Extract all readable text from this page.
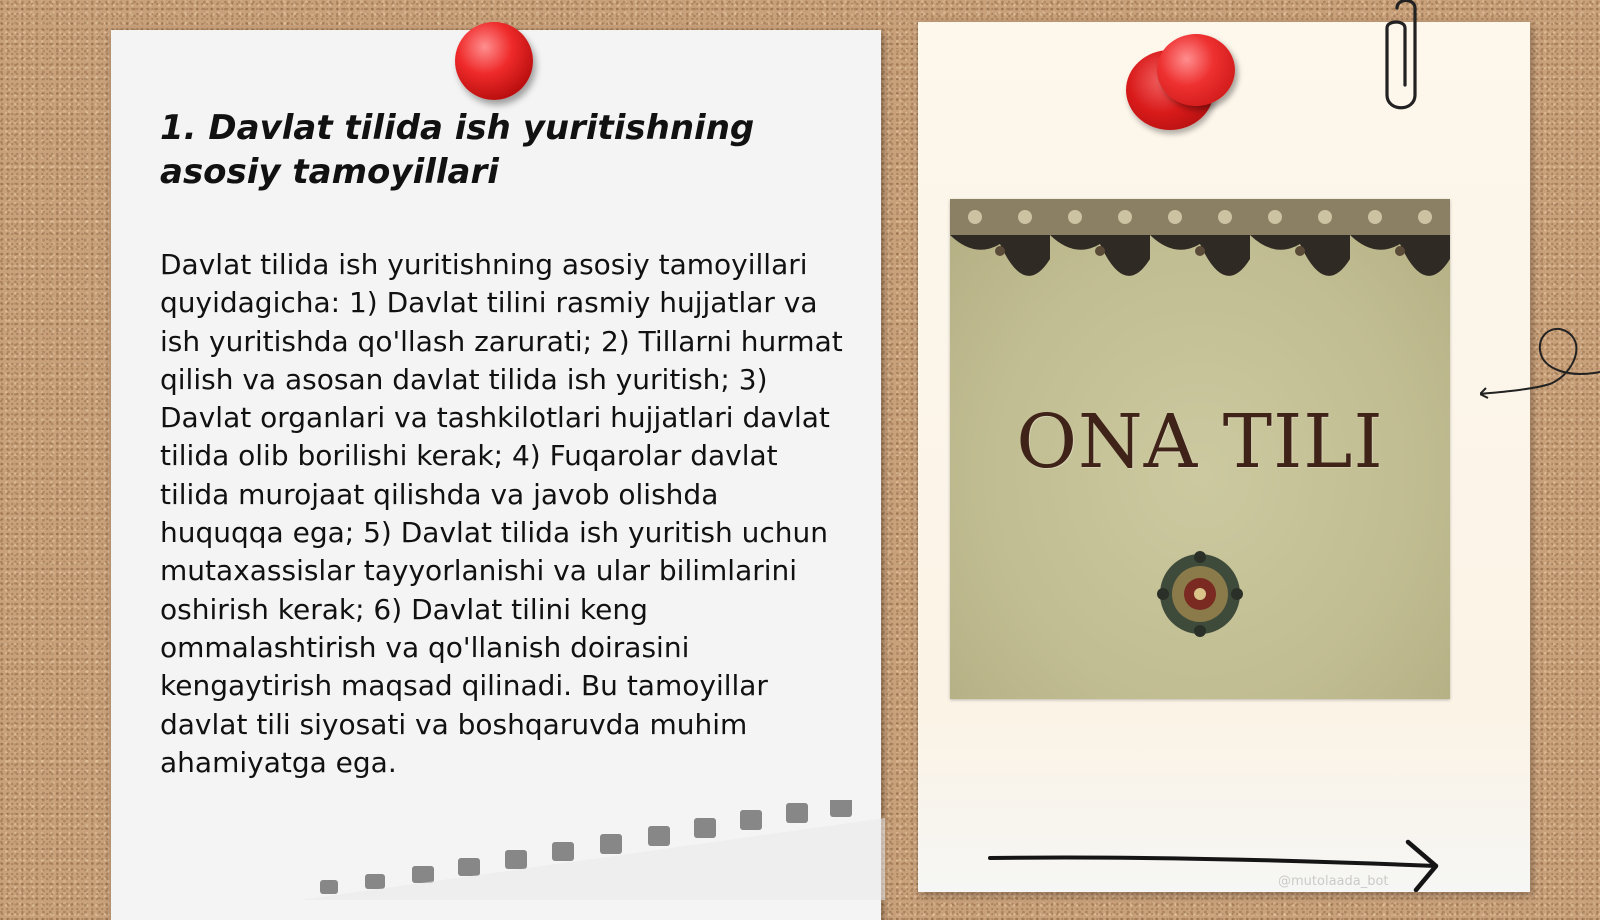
1. Davlat tilida ish yuritishning asosiy tamoyillari

Davlat tilida ish yuritishning asosiy tamoyillari quyidagicha: 1) Davlat tilini rasmiy hujjatlar va ish yuritishda qo'llash zarurati; 2) Tillarni hurmat qilish va asosan davlat tilida ish yuritish; 3) Davlat organlari va tashkilotlari hujjatlari davlat tilida olib borilishi kerak; 4) Fuqarolar davlat tilida murojaat qilishda va javob olishda huquqqa ega; 5) Davlat tilida ish yuritish uchun mutaxassislar tayyorlanishi va ular bilimlarini oshirish kerak; 6) Davlat tilini keng ommalashtirish va qo'llanish doirasini kengaytirish maqsad qilinadi. Bu tamoyillar davlat tili siyosati va boshqaruvda muhim ahamiyatga ega.

ONA TILI
@mutolaada_bot
